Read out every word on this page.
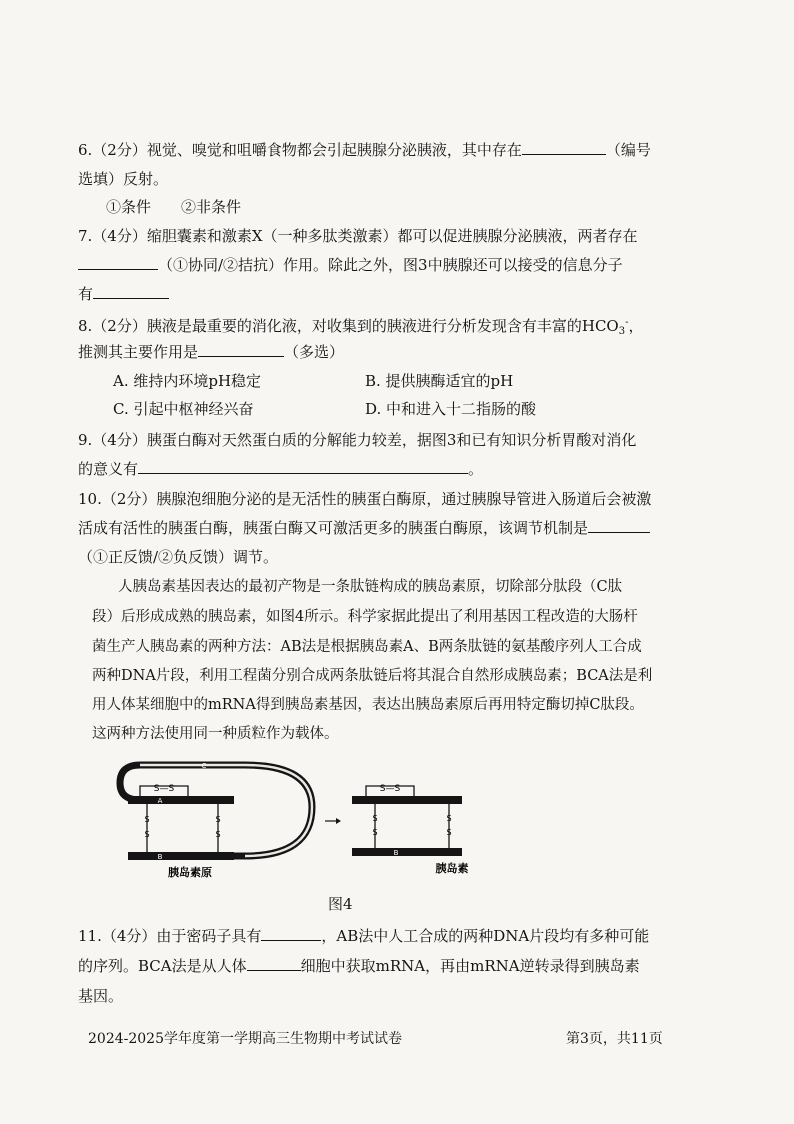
6.（2分）视觉、嗅觉和咀嚼食物都会引起胰腺分泌胰液，其中存在	（编号
选填）反射。
①条件　　②非条件
7.（4分）缩胆囊素和激素X（一种多肽类激素）都可以促进胰腺分泌胰液，两者存在
（①协同/②拮抗）作用。除此之外，图3中胰腺还可以接受的信息分子
有
8.（2分）胰液是最重要的消化液，对收集到的胰液进行分析发现含有丰富的$HCO_3^-$，
推测其主要作用是	（多选）
A. 维持内环境pH稳定	B. 提供胰酶适宜的pH
C. 引起中枢神经兴奋	D. 中和进入十二指肠的酸
9.（4分）胰蛋白酶对天然蛋白质的分解能力较差，据图3和已有知识分析胃酸对消化
的意义有	。
10.（2分）胰腺泡细胞分泌的是无活性的胰蛋白酶原，通过胰腺导管进入肠道后会被激
活成有活性的胰蛋白酶，胰蛋白酶又可激活更多的胰蛋白酶原，该调节机制是
（①正反馈/②负反馈）调节。
人胰岛素基因表达的最初产物是一条肽链构成的胰岛素原，切除部分肽段（C肽
段）后形成成熟的胰岛素，如图4所示。科学家据此提出了利用基因工程改造的大肠杆
菌生产人胰岛素的两种方法：AB法是根据胰岛素A、B两条肽链的氨基酸序列人工合成
两种DNA片段，利用工程菌分别合成两条肽链后将其混合自然形成胰岛素；BCA法是利
用人体某细胞中的mRNA得到胰岛素基因，表达出胰岛素原后再用特定酶切掉C肽段。
这两种方法使用同一种质粒作为载体。
S—S
S
S
S
S
C
A
B
胰岛素原
S—S
S
S
S
S
B
胰岛素
图4
11.（4分）由于密码子具有	，AB法中人工合成的两种DNA片段均有多种可能
的序列。BCA法是从人体	细胞中获取mRNA，再由mRNA逆转录得到胰岛素
基因。
2024-2025学年度第一学期高三生物期中考试试卷	第3页，共11页
